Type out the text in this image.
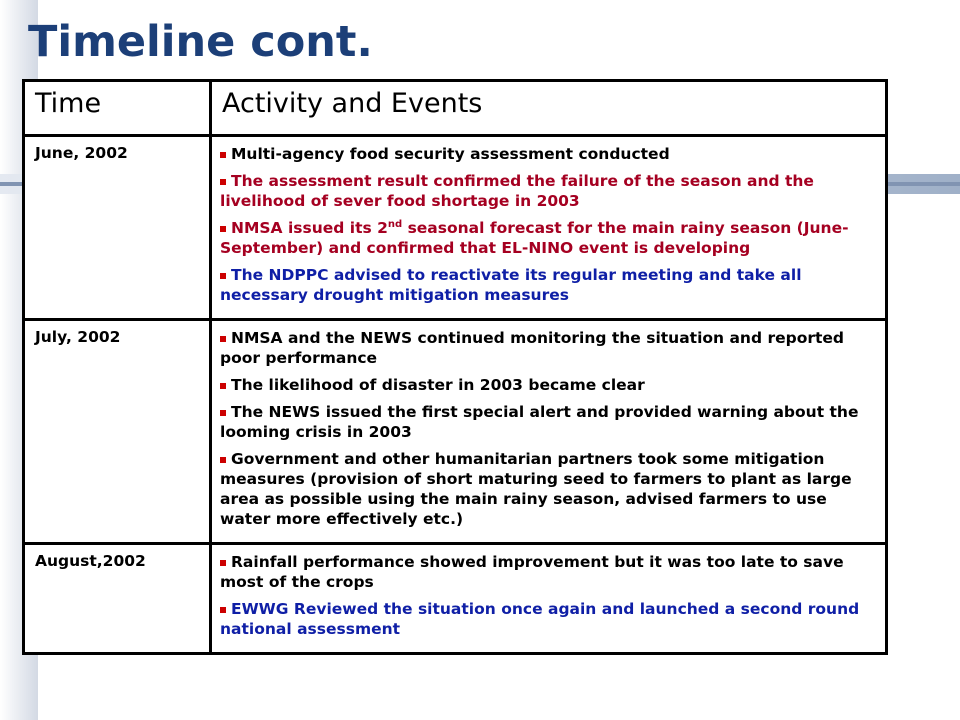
Timeline cont.
Time	Activity and Events
June, 2002	Multi-agency food security assessment conducted

The assessment result confirmed the failure of the season and the livelihood of sever food shortage in 2003

NMSA issued its 2nd seasonal forecast for the main rainy season (June-September) and confirmed that EL-NINO event is developing

The NDPPC advised to reactivate its regular meeting and take all necessary drought mitigation measures

July, 2002	NMSA and the NEWS continued monitoring the situation and reported poor performance

The likelihood of disaster in 2003 became clear

The NEWS issued the first special alert and provided warning about the looming crisis in 2003

Government and other humanitarian partners took some mitigation measures (provision of short maturing seed to farmers to plant as large area as possible using the main rainy season, advised farmers to use water more effectively etc.)

August,2002	Rainfall performance showed improvement but it was too late to save most of the crops

EWWG Reviewed the situation once again and launched a second round national assessment
